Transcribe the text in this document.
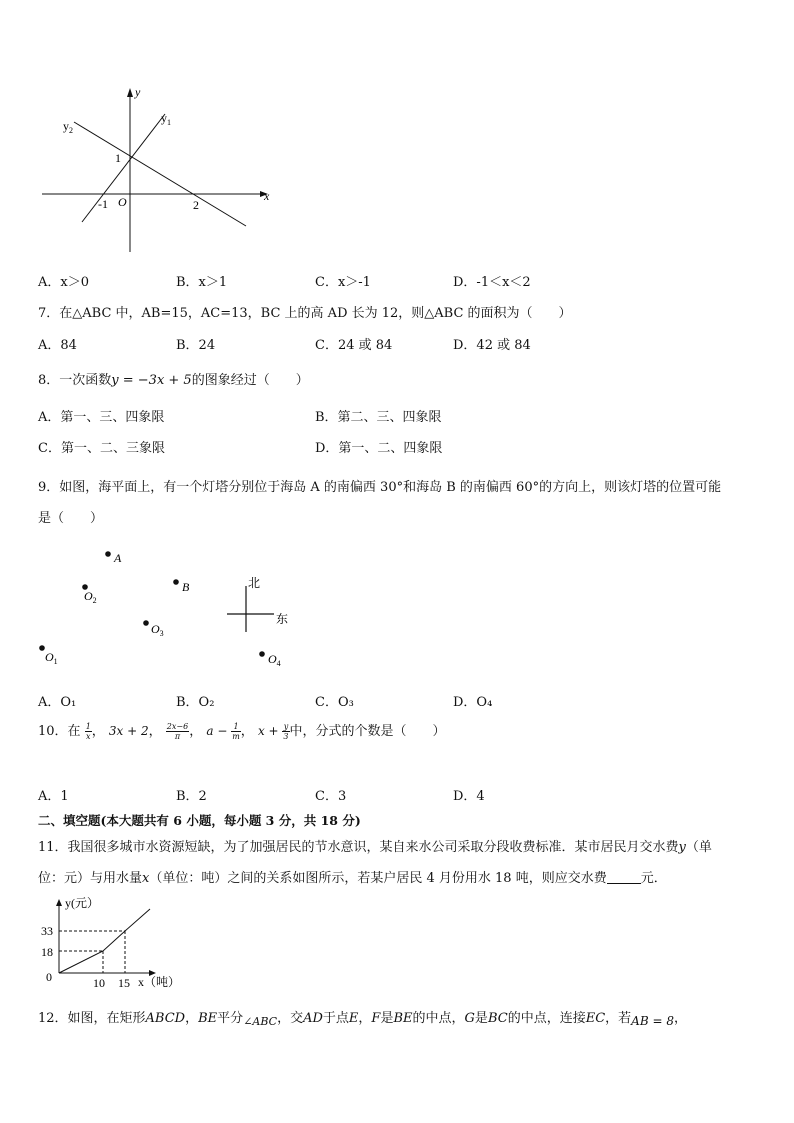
y
$y_1$
$y_2$
x
1
-1 O	2
A．x＞0	B．x＞1	C．x＞-1	D．-1＜x＜2
7．在△ABC 中，AB=15，AC=13，BC 上的高 AD 长为 12，则△ABC 的面积为（　　）
A．84	B．24	C．24 或 84	D．42 或 84
8．一次函数y = −3x + 5的图象经过（　　）
A．第一、三、四象限	B．第二、三、四象限
C．第一、二、三象限	D．第一、二、四象限
9．如图，海平面上，有一个灯塔分别位于海岛 A 的南偏西 30°和海岛 B 的南偏西 60°的方向上，则该灯塔的位置可能
是（　　）
A
B
$O_2$
$O_3$
$O_1$	$O_4$
北
东
A．O₁	B．O₂	C．O₃	D．O₄
10．在 $\frac{1}{x}$ ， 3x + 2， $\frac{2x-6}{\pi}$ ， $a - \frac{1}{m}$ ， $x + \frac{y}{3}$ 中，分式的个数是（　　）
A．1	B．2	C．3	D．4
二、填空题(本大题共有 6 小题，每小题 3 分，共 18 分)
11．我国很多城市水资源短缺，为了加强居民的节水意识，某自来水公司采取分段收费标准．某市居民月交水费y（单
位：元）与用水量x（单位：吨）之间的关系如图所示，若某户居民 4 月份用水 18 吨，则应交水费	元．
y(元）
x（吨）
33
18
0	10 15
12．如图，在矩形ABCD，BE平分$_{\angle ABC}$，交AD于点E，F是BE的中点，G是BC的中点，连接EC，若AB = 8，
